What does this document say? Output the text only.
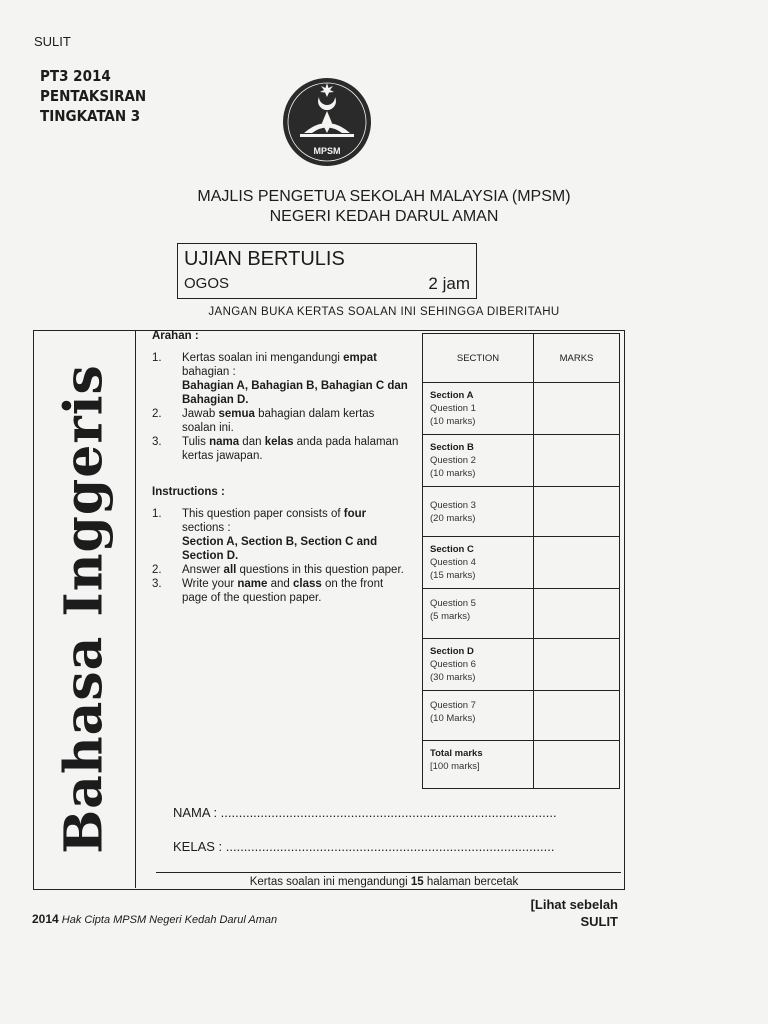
SULIT
PT3 2014
PENTAKSIRAN
TINGKATAN 3
MPSM
MAJLIS PENGETUA SEKOLAH MALAYSIA (MPSM)
NEGERI KEDAH DARUL AMAN
UJIAN BERTULIS
OGOS	2 jam
JANGAN BUKA KERTAS SOALAN INI SEHINGGA DIBERITAHU
Bahasa Inggeris
Arahan :
1. Kertas soalan ini mengandungi empat bahagian :
Bahagian A, Bahagian B, Bahagian C dan Bahagian D.
2. Jawab semua bahagian dalam kertas soalan ini.
3. Tulis nama dan kelas anda pada halaman kertas jawapan.
Instructions :
1. This question paper consists of four sections :
Section A, Section B, Section C and Section D.
2. Answer all questions in this question paper.
3. Write your name and class on the front page of the question paper.
SECTION	MARKS

Section A
Question 1
(10 marks)	

Section B
Question 2
(10 marks)	

Question 3
(20 marks)	

Section C
Question 4
(15 marks)	

Question 5
(5 marks)	

Section D
Question 6
(30 marks)	

Question 7
(10 Marks)	

Total marks
[100 marks]	

NAMA : .............................................................................................
KELAS : ...........................................................................................
Kertas soalan ini mengandungi 15 halaman bercetak
[Lihat sebelah
SULIT
2014 Hak Cipta MPSM Negeri Kedah Darul Aman
